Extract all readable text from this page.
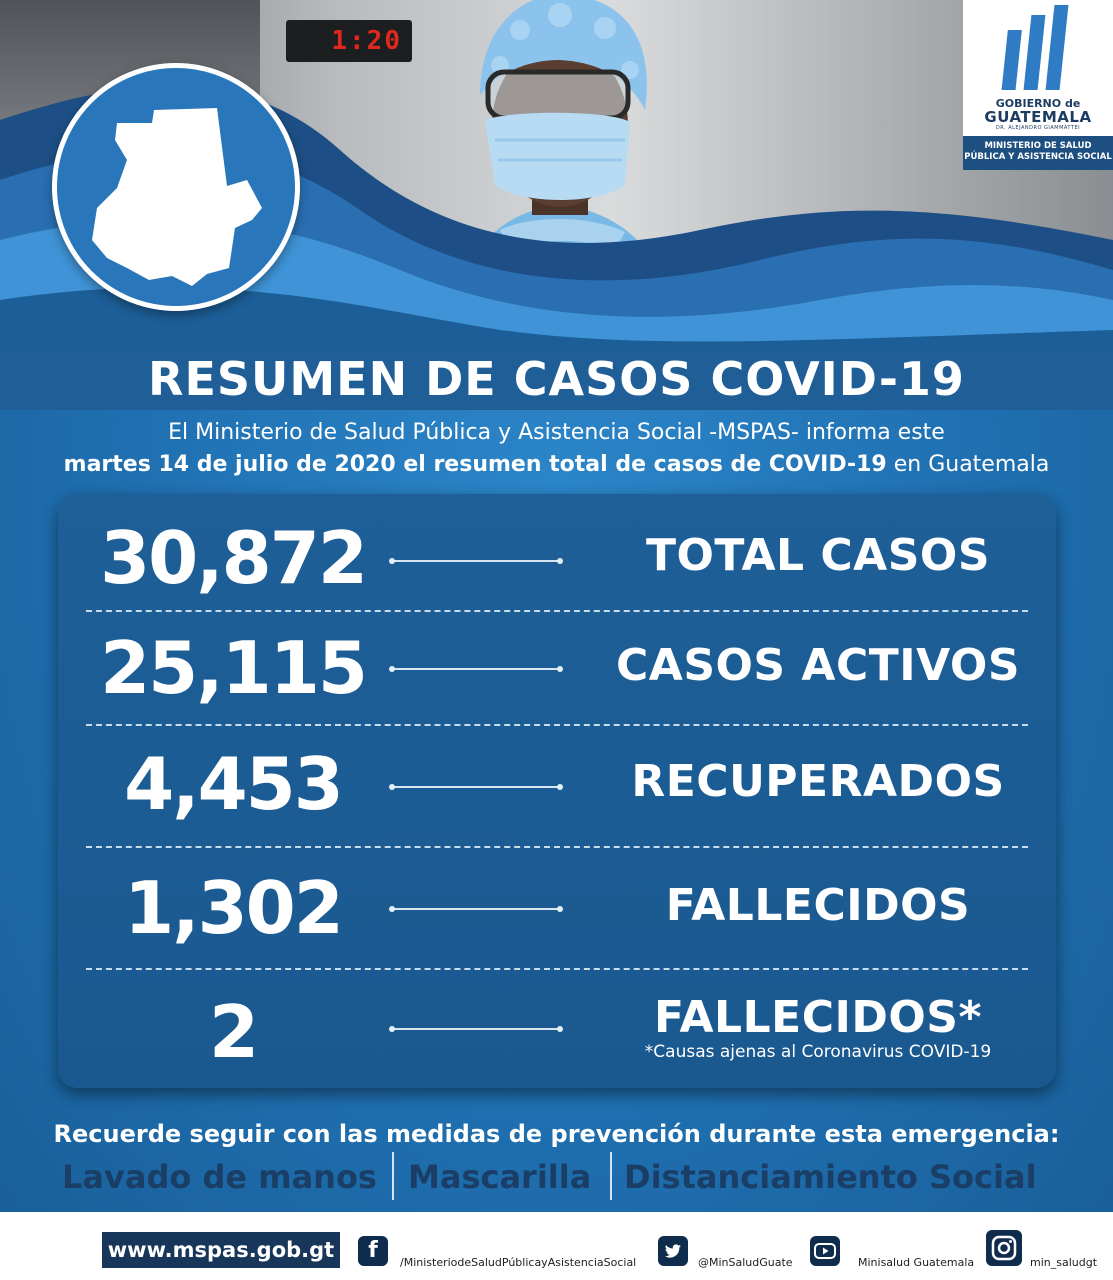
1:20
GOBIERNO de
GUATEMALA
DR. ALEJANDRO GIAMMATTEI
MINISTERIO DE SALUD
PÚBLICA Y ASISTENCIA SOCIAL
RESUMEN DE CASOS COVID-19
El Ministerio de Salud Pública y Asistencia Social -MSPAS- informa este
martes 14 de julio de 2020 el resumen total de casos de COVID-19 en Guatemala
30,872	TOTAL CASOS
25,115	CASOS ACTIVOS
4,453	RECUPERADOS
1,302	FALLECIDOS
2	FALLECIDOS*
*Causas ajenas al Coronavirus COVID-19
Recuerde seguir con las medidas de prevención durante esta emergencia:
Lavado de manos Mascarilla Distanciamiento Social
www.mspas.gob.gt	f	/MinisteriodeSaludPúblicayAsistenciaSocial	@MinSaludGuate	Minisalud Guatemala	min_saludgt
